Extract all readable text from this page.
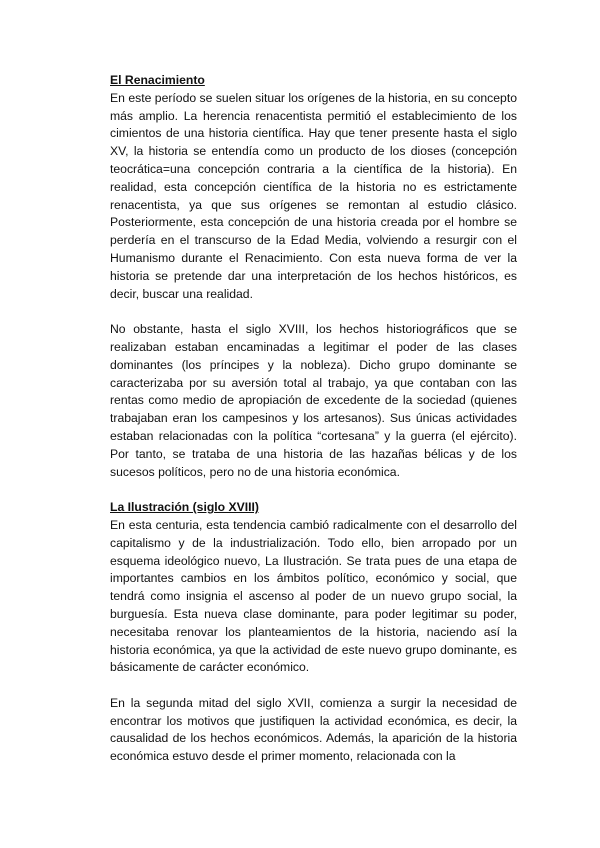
El Renacimiento

En este período se suelen situar los orígenes de la historia, en su concepto más amplio. La herencia renacentista permitió el establecimiento de los cimientos de una historia científica. Hay que tener presente hasta el siglo XV, la historia se entendía como un producto de los dioses (concepción teocrática=una concepción contraria a la científica de la historia). En realidad, esta concepción científica de la historia no es estrictamente renacentista, ya que sus orígenes se remontan al estudio clásico. Posteriormente, esta concepción de una historia creada por el hombre se perdería en el transcurso de la Edad Media, volviendo a resurgir con el Humanismo durante el Renacimiento. Con esta nueva forma de ver la historia se pretende dar una interpretación de los hechos históricos, es decir, buscar una realidad.

No obstante, hasta el siglo XVIII, los hechos historiográficos que se realizaban estaban encaminadas a legitimar el poder de las clases dominantes (los príncipes y la nobleza). Dicho grupo dominante se caracterizaba por su aversión total al trabajo, ya que contaban con las rentas como medio de apropiación de excedente de la sociedad (quienes trabajaban eran los campesinos y los artesanos). Sus únicas actividades estaban relacionadas con la política “cortesana” y la guerra (el ejército). Por tanto, se trataba de una historia de las hazañas bélicas y de los sucesos políticos, pero no de una historia económica.

La Ilustración (siglo XVIII)

En esta centuria, esta tendencia cambió radicalmente con el desarrollo del capitalismo y de la industrialización. Todo ello, bien arropado por un esquema ideológico nuevo, La Ilustración. Se trata pues de una etapa de importantes cambios en los ámbitos político, económico y social, que tendrá como insignia el ascenso al poder de un nuevo grupo social, la burguesía. Esta nueva clase dominante, para poder legitimar su poder, necesitaba renovar los planteamientos de la historia, naciendo así la historia económica, ya que la actividad de este nuevo grupo dominante, es básicamente de carácter económico.

En la segunda mitad del siglo XVII, comienza a surgir la necesidad de encontrar los motivos que justifiquen la actividad económica, es decir, la causalidad de los hechos económicos. Además, la aparición de la historia económica estuvo desde el primer momento, relacionada con la
